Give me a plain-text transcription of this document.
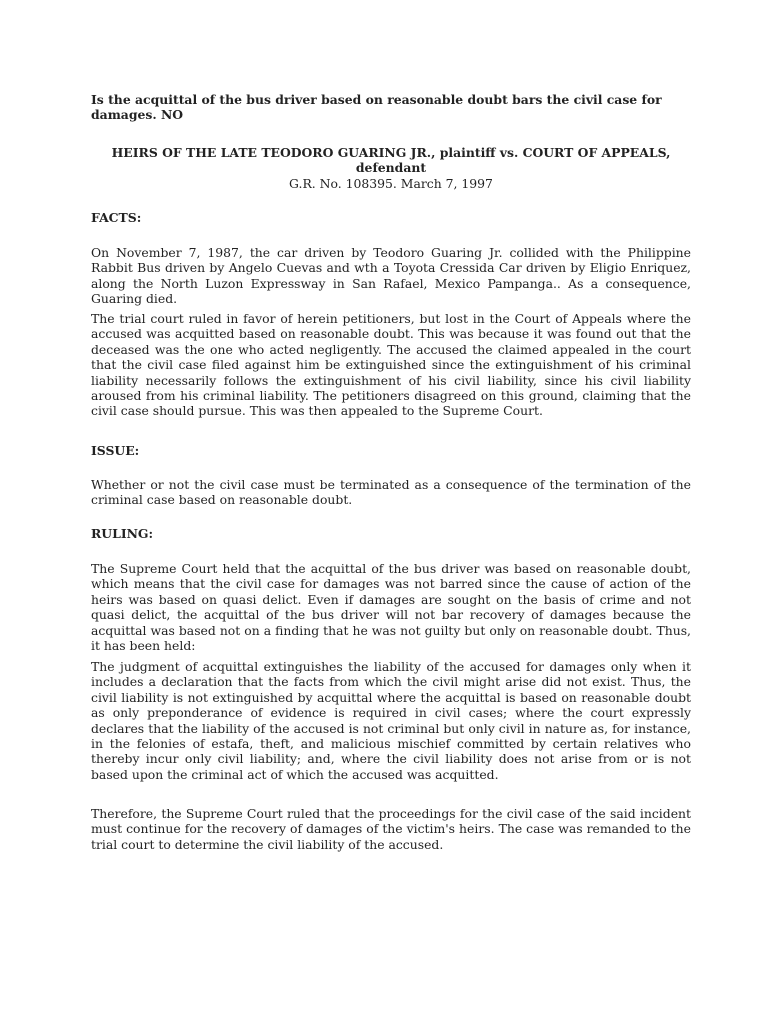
Is the acquittal of the bus driver based on reasonable doubt bars the civil case for damages. NO

HEIRS OF THE LATE TEODORO GUARING JR., plaintiff vs. COURT OF APPEALS, defendant
G.R. No. 108395. March 7, 1997

FACTS:

On November 7, 1987, the car driven by Teodoro Guaring Jr. collided with the Philippine Rabbit Bus driven by Angelo Cuevas and wth a Toyota Cressida Car driven by Eligio Enriquez, along the North Luzon Expressway in San Rafael, Mexico Pampanga.. As a consequence, Guaring died.

The trial court ruled in favor of herein petitioners, but lost in the Court of Appeals where the accused was acquitted based on reasonable doubt. This was because it was found out that the deceased was the one who acted negligently. The accused the claimed appealed in the court that the civil case filed against him be extinguished since the extinguishment of his criminal liability necessarily follows the extinguishment of his civil liability, since his civil liability aroused from his criminal liability. The petitioners disagreed on this ground, claiming that the civil case should pursue. This was then appealed to the Supreme Court.

ISSUE:

Whether or not the civil case must be terminated as a consequence of the termination of the criminal case based on reasonable doubt.

RULING:

The Supreme Court held that the acquittal of the bus driver was based on reasonable doubt, which means that the civil case for damages was not barred since the cause of action of the heirs was based on quasi delict. Even if damages are sought on the basis of crime and not quasi delict, the acquittal of the bus driver will not bar recovery of damages because the acquittal was based not on a finding that he was not guilty but only on reasonable doubt. Thus, it has been held:

The judgment of acquittal extinguishes the liability of the accused for damages only when it includes a declaration that the facts from which the civil might arise did not exist. Thus, the civil liability is not extinguished by acquittal where the acquittal is based on reasonable doubt as only preponderance of evidence is required in civil cases; where the court expressly declares that the liability of the accused is not criminal but only civil in nature as, for instance, in the felonies of estafa, theft, and malicious mischief committed by certain relatives who thereby incur only civil liability; and, where the civil liability does not arise from or is not based upon the criminal act of which the accused was acquitted.

Therefore, the Supreme Court ruled that the proceedings for the civil case of the said incident must continue for the recovery of damages of the victim's heirs. The case was remanded to the trial court to determine the civil liability of the accused.
